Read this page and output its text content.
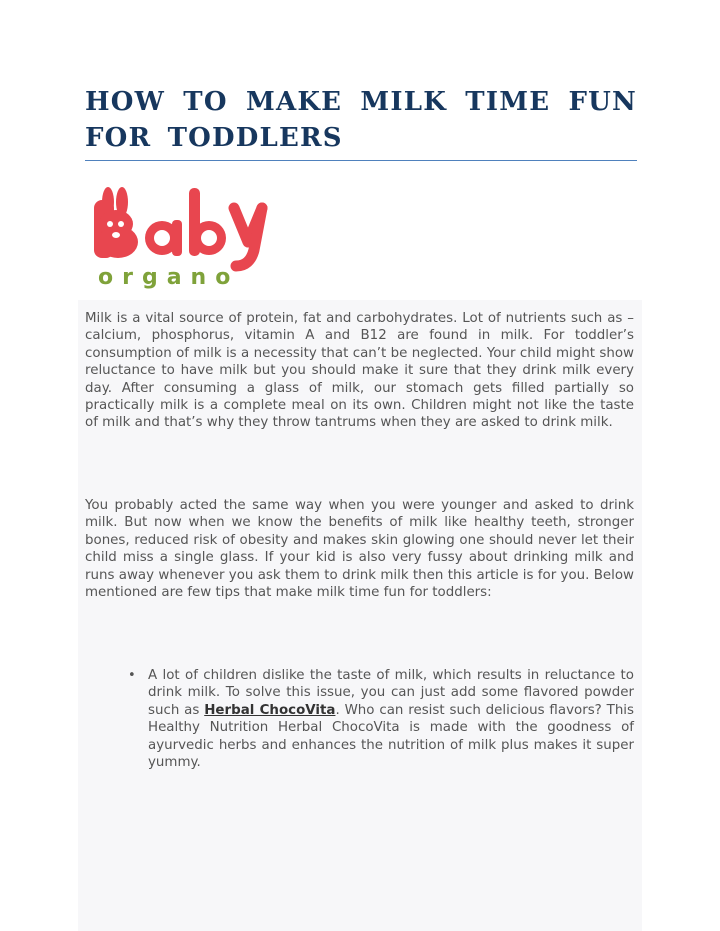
HOW TO MAKE MILK TIME FUN FOR TODDLERS
organo

Milk is a vital source of protein, fat and carbohydrates. Lot of nutrients such as – calcium, phosphorus, vitamin A and B12 are found in milk. For toddler’s consumption of milk is a necessity that can’t be neglected. Your child might show reluctance to have milk but you should make it sure that they drink milk every day. After consuming a glass of milk, our stomach gets filled partially so practically milk is a complete meal on its own. Children might not like the taste of milk and that’s why they throw tantrums when they are asked to drink milk.

You probably acted the same way when you were younger and asked to drink milk. But now when we know the benefits of milk like healthy teeth, stronger bones, reduced risk of obesity and makes skin glowing one should never let their child miss a single glass. If your kid is also very fussy about drinking milk and runs away whenever you ask them to drink milk then this article is for you. Below mentioned are few tips that make milk time fun for toddlers:

• A lot of children dislike the taste of milk, which results in reluctance to drink milk. To solve this issue, you can just add some flavored powder such as Herbal ChocoVita. Who can resist such delicious flavors? This Healthy Nutrition Herbal ChocoVita is made with the goodness of ayurvedic herbs and enhances the nutrition of milk plus makes it super yummy.
